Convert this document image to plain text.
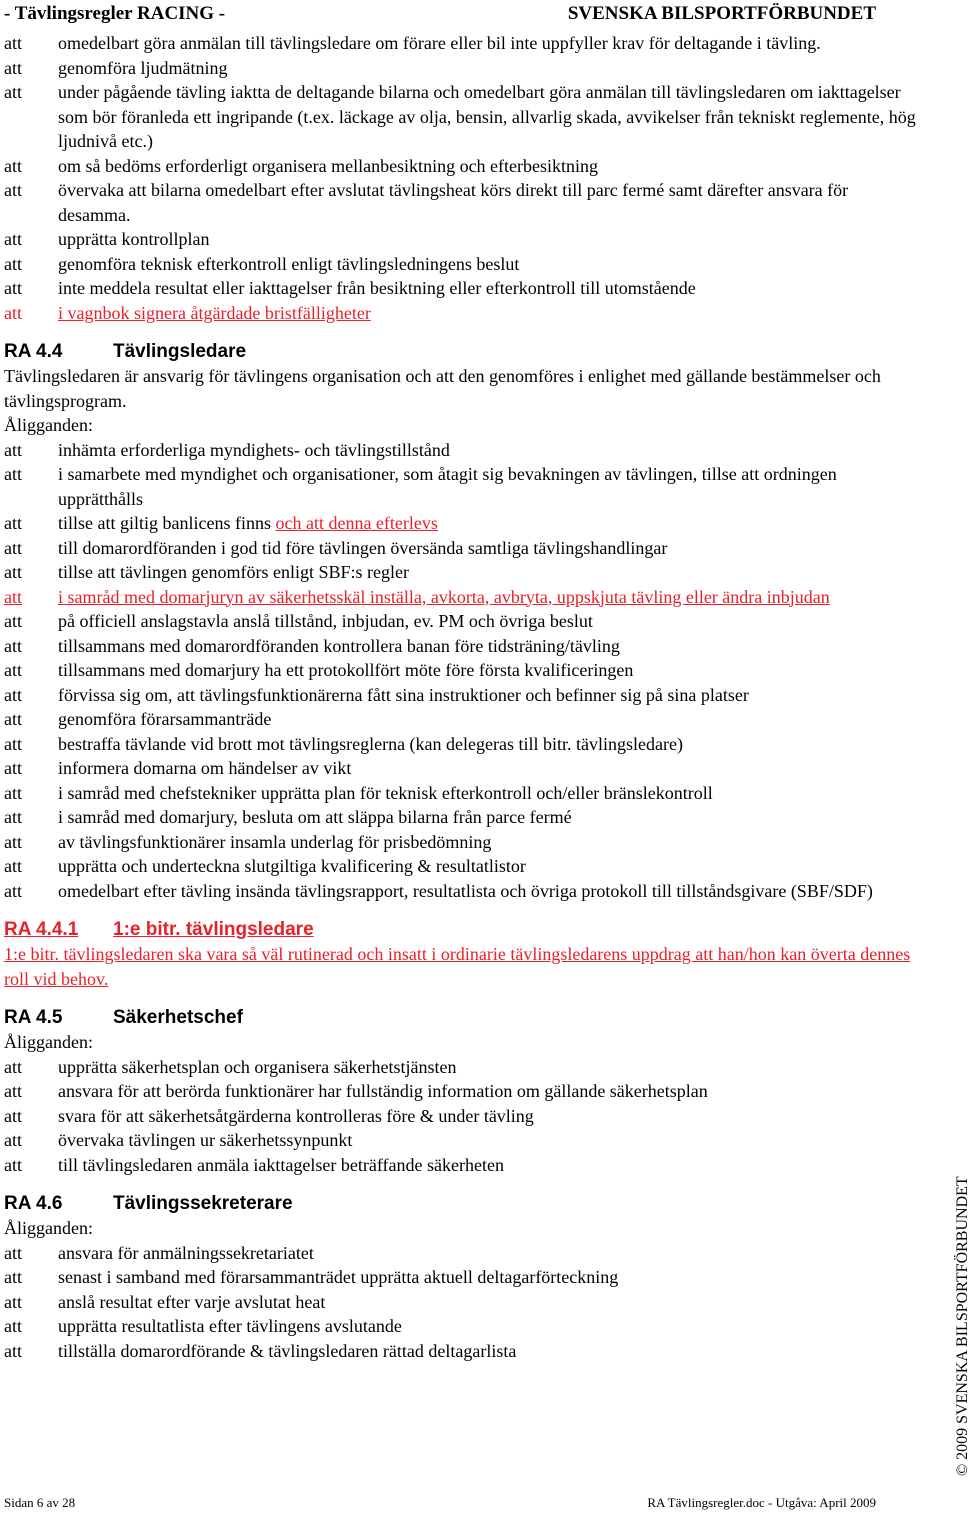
- Tävlingsregler RACING -	SVENSKA BILSPORTFÖRBUNDET
att	omedelbart göra anmälan till tävlingsledare om förare eller bil inte uppfyller krav för deltagande i tävling.
att	genomföra ljudmätning
att	under pågående tävling iaktta de deltagande bilarna och omedelbart göra anmälan till tävlingsledaren om iakttagelser som bör föranleda ett ingripande (t.ex. läckage av olja, bensin, allvarlig skada, avvikelser från tekniskt reglemente, hög ljudnivå etc.)
att	om så bedöms erforderligt organisera mellanbesiktning och efterbesiktning
att	övervaka att bilarna omedelbart efter avslutat tävlingsheat körs direkt till parc fermé samt därefter ansvara för desamma.
att	upprätta kontrollplan
att	genomföra teknisk efterkontroll enligt tävlingsledningens beslut
att	inte meddela resultat eller iakttagelser från besiktning eller efterkontroll till utomstående
att	i vagnbok signera åtgärdade bristfälligheter
RA 4.4	Tävlingsledare
Tävlingsledaren är ansvarig för tävlingens organisation och att den genomföres i enlighet med gällande bestämmelser och tävlingsprogram.
Åligganden:
att	inhämta erforderliga myndighets- och tävlingstillstånd
att	i samarbete med myndighet och organisationer, som åtagit sig bevakningen av tävlingen, tillse att ordningen upprätthålls
att	tillse att giltig banlicens finns och att denna efterlevs
att	till domarordföranden i god tid före tävlingen översända samtliga tävlingshandlingar
att	tillse att tävlingen genomförs enligt SBF:s regler
att	i samråd med domarjuryn av säkerhetsskäl inställa, avkorta, avbryta, uppskjuta tävling eller ändra inbjudan
att	på officiell anslagstavla anslå tillstånd, inbjudan, ev. PM och övriga beslut
att	tillsammans med domarordföranden kontrollera banan före tidsträning/tävling
att	tillsammans med domarjury ha ett protokollfört möte före första kvalificeringen
att	förvissa sig om, att tävlingsfunktionärerna fått sina instruktioner och befinner sig på sina platser
att	genomföra förarsammanträde
att	bestraffa tävlande vid brott mot tävlingsreglerna (kan delegeras till bitr. tävlingsledare)
att	informera domarna om händelser av vikt
att	i samråd med chefstekniker upprätta plan för teknisk efterkontroll och/eller bränslekontroll
att	i samråd med domarjury, besluta om att släppa bilarna från parce fermé
att	av tävlingsfunktionärer insamla underlag för prisbedömning
att	upprätta och underteckna slutgiltiga kvalificering & resultatlistor
att	omedelbart efter tävling insända tävlingsrapport, resultatlista och övriga protokoll till tillståndsgivare (SBF/SDF)
RA 4.4.1	1:e bitr. tävlingsledare
1:e bitr. tävlingsledaren ska vara så väl rutinerad och insatt i ordinarie tävlingsledarens uppdrag att han/hon kan överta dennes roll vid behov.
RA 4.5	Säkerhetschef
Åligganden:
att	upprätta säkerhetsplan och organisera säkerhetstjänsten
att	ansvara för att berörda funktionärer har fullständig information om gällande säkerhetsplan
att	svara för att säkerhetsåtgärderna kontrolleras före & under tävling
att	övervaka tävlingen ur säkerhetssynpunkt
att	till tävlingsledaren anmäla iakttagelser beträffande säkerheten
RA 4.6	Tävlingssekreterare
Åligganden:
att	ansvara för anmälningssekretariatet
att	senast i samband med förarsammanträdet upprätta aktuell deltagarförteckning
att	anslå resultat efter varje avslutat heat
att	upprätta resultatlista efter tävlingens avslutande
att	tillställa domarordförande & tävlingsledaren rättad deltagarlista	© 2009 SVENSKA BILSPORTFÖRBUNDET
Sidan 6 av 28	RA Tävlingsregler.doc - Utgåva: April 2009
